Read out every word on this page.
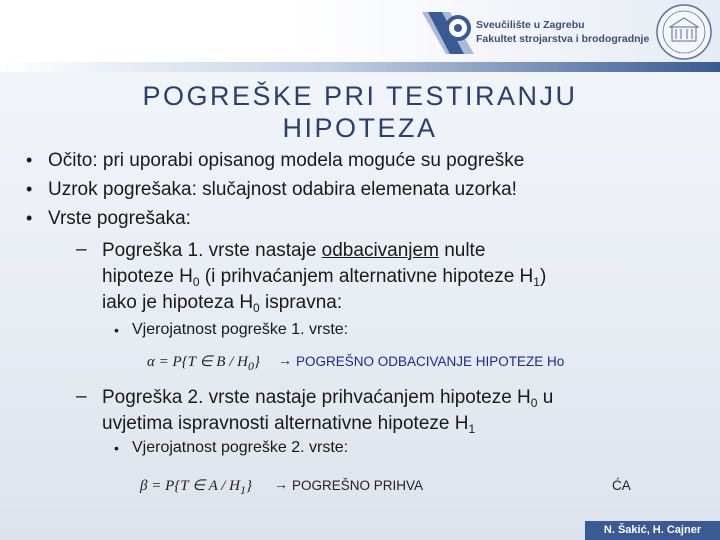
Sveučilište u Zagrebu
Fakultet strojarstva i brodogradnje
POGREŠKE PRI TESTIRANJU
HIPOTEZA
• Očito: pri uporabi opisanog modela moguće su pogreške
• Uzrok pogrešaka: slučajnost odabira elemenata uzorka!
• Vrste pogrešaka:
– Pogreška 1. vrste nastaje odbacivanjem nulte
hipoteze $H_0$ (i prihvaćanjem alternativne hipoteze $H_1$)
iako je hipoteza $H_0$ ispravna:
• Vjerojatnost pogreške 1. vrste:
α = P{T ∈ B / $H_0$} → POGREŠNO ODBACIVANJE HIPOTEZE Ho
– Pogreška 2. vrste nastaje prihvaćanjem hipoteze $H_0$ u
uvjetima ispravnosti alternativne hipoteze $H_1$
• Vjerojatnost pogreške 2. vrste:
β = P{T ∈ A / $H_1$} → POGREŠNO PRIHVA	ĆA
N. Šakić, H. Cajner
